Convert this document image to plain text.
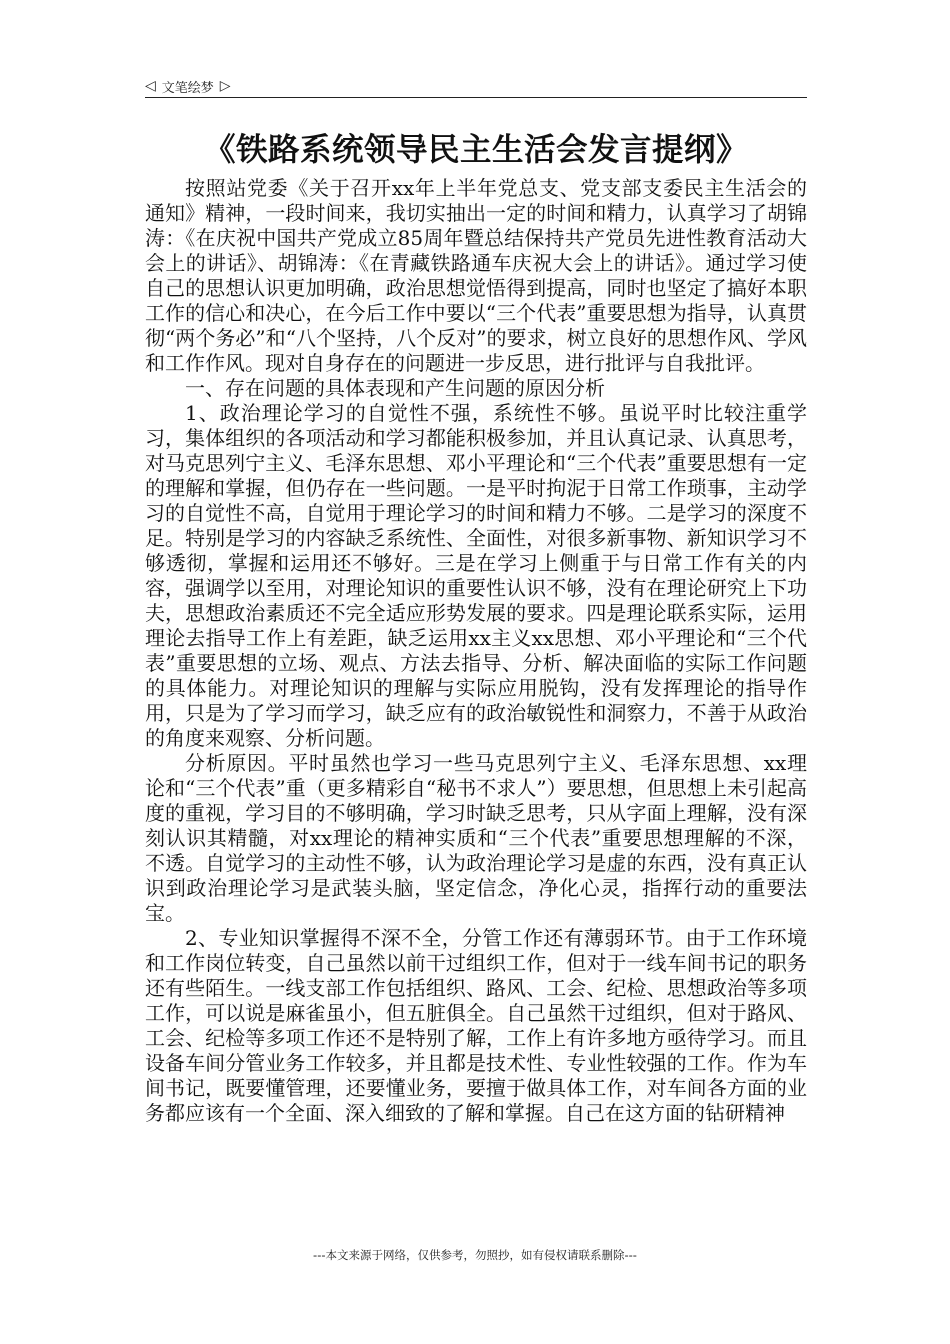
◁ 文笔绘梦 ▷
《铁路系统领导民主生活会发言提纲》

按照站党委《关于召开xx年上半年党总支、党支部支委民主生活会的通知》精神，一段时间来，我切实抽出一定的时间和精力，认真学习了胡锦涛：《在庆祝中国共产党成立85周年暨总结保持共产党员先进性教育活动大会上的讲话》、胡锦涛：《在青藏铁路通车庆祝大会上的讲话》。通过学习使自己的思想认识更加明确，政治思想觉悟得到提高，同时也坚定了搞好本职工作的信心和决心，在今后工作中要以“三个代表”重要思想为指导，认真贯彻“两个务必”和“八个坚持，八个反对”的要求，树立良好的思想作风、学风和工作作风。现对自身存在的问题进一步反思，进行批评与自我批评。

一、存在问题的具体表现和产生问题的原因分析

1、政治理论学习的自觉性不强，系统性不够。虽说平时比较注重学习，集体组织的各项活动和学习都能积极参加，并且认真记录、认真思考，对马克思列宁主义、毛泽东思想、邓小平理论和“三个代表”重要思想有一定的理解和掌握，但仍存在一些问题。一是平时拘泥于日常工作琐事，主动学习的自觉性不高，自觉用于理论学习的时间和精力不够。二是学习的深度不足。特别是学习的内容缺乏系统性、全面性，对很多新事物、新知识学习不够透彻，掌握和运用还不够好。三是在学习上侧重于与日常工作有关的内容，强调学以至用，对理论知识的重要性认识不够，没有在理论研究上下功夫，思想政治素质还不完全适应形势发展的要求。四是理论联系实际，运用理论去指导工作上有差距，缺乏运用xx主义xx思想、邓小平理论和“三个代表”重要思想的立场、观点、方法去指导、分析、解决面临的实际工作问题的具体能力。对理论知识的理解与实际应用脱钩，没有发挥理论的指导作用，只是为了学习而学习，缺乏应有的政治敏锐性和洞察力，不善于从政治的角度来观察、分析问题。

分析原因。平时虽然也学习一些马克思列宁主义、毛泽东思想、xx理论和“三个代表”重（更多精彩自“秘书不求人”）要思想，但思想上未引起高度的重视，学习目的不够明确，学习时缺乏思考，只从字面上理解，没有深刻认识其精髓，对xx理论的精神实质和“三个代表”重要思想理解的不深，不透。自觉学习的主动性不够，认为政治理论学习是虚的东西，没有真正认识到政治理论学习是武装头脑，坚定信念，净化心灵，指挥行动的重要法宝。

2、专业知识掌握得不深不全，分管工作还有薄弱环节。由于工作环境和工作岗位转变，自己虽然以前干过组织工作，但对于一线车间书记的职务还有些陌生。一线支部工作包括组织、路风、工会、纪检、思想政治等多项工作，可以说是麻雀虽小，但五脏俱全。自己虽然干过组织，但对于路风、工会、纪检等多项工作还不是特别了解，工作上有许多地方亟待学习。而且设备车间分管业务工作较多，并且都是技术性、专业性较强的工作。作为车间书记，既要懂管理，还要懂业务，要擅于做具体工作，对车间各方面的业务都应该有一个全面、深入细致的了解和掌握。自己在这方面的钻研精神

---本文来源于网络，仅供参考，勿照抄，如有侵权请联系删除---
